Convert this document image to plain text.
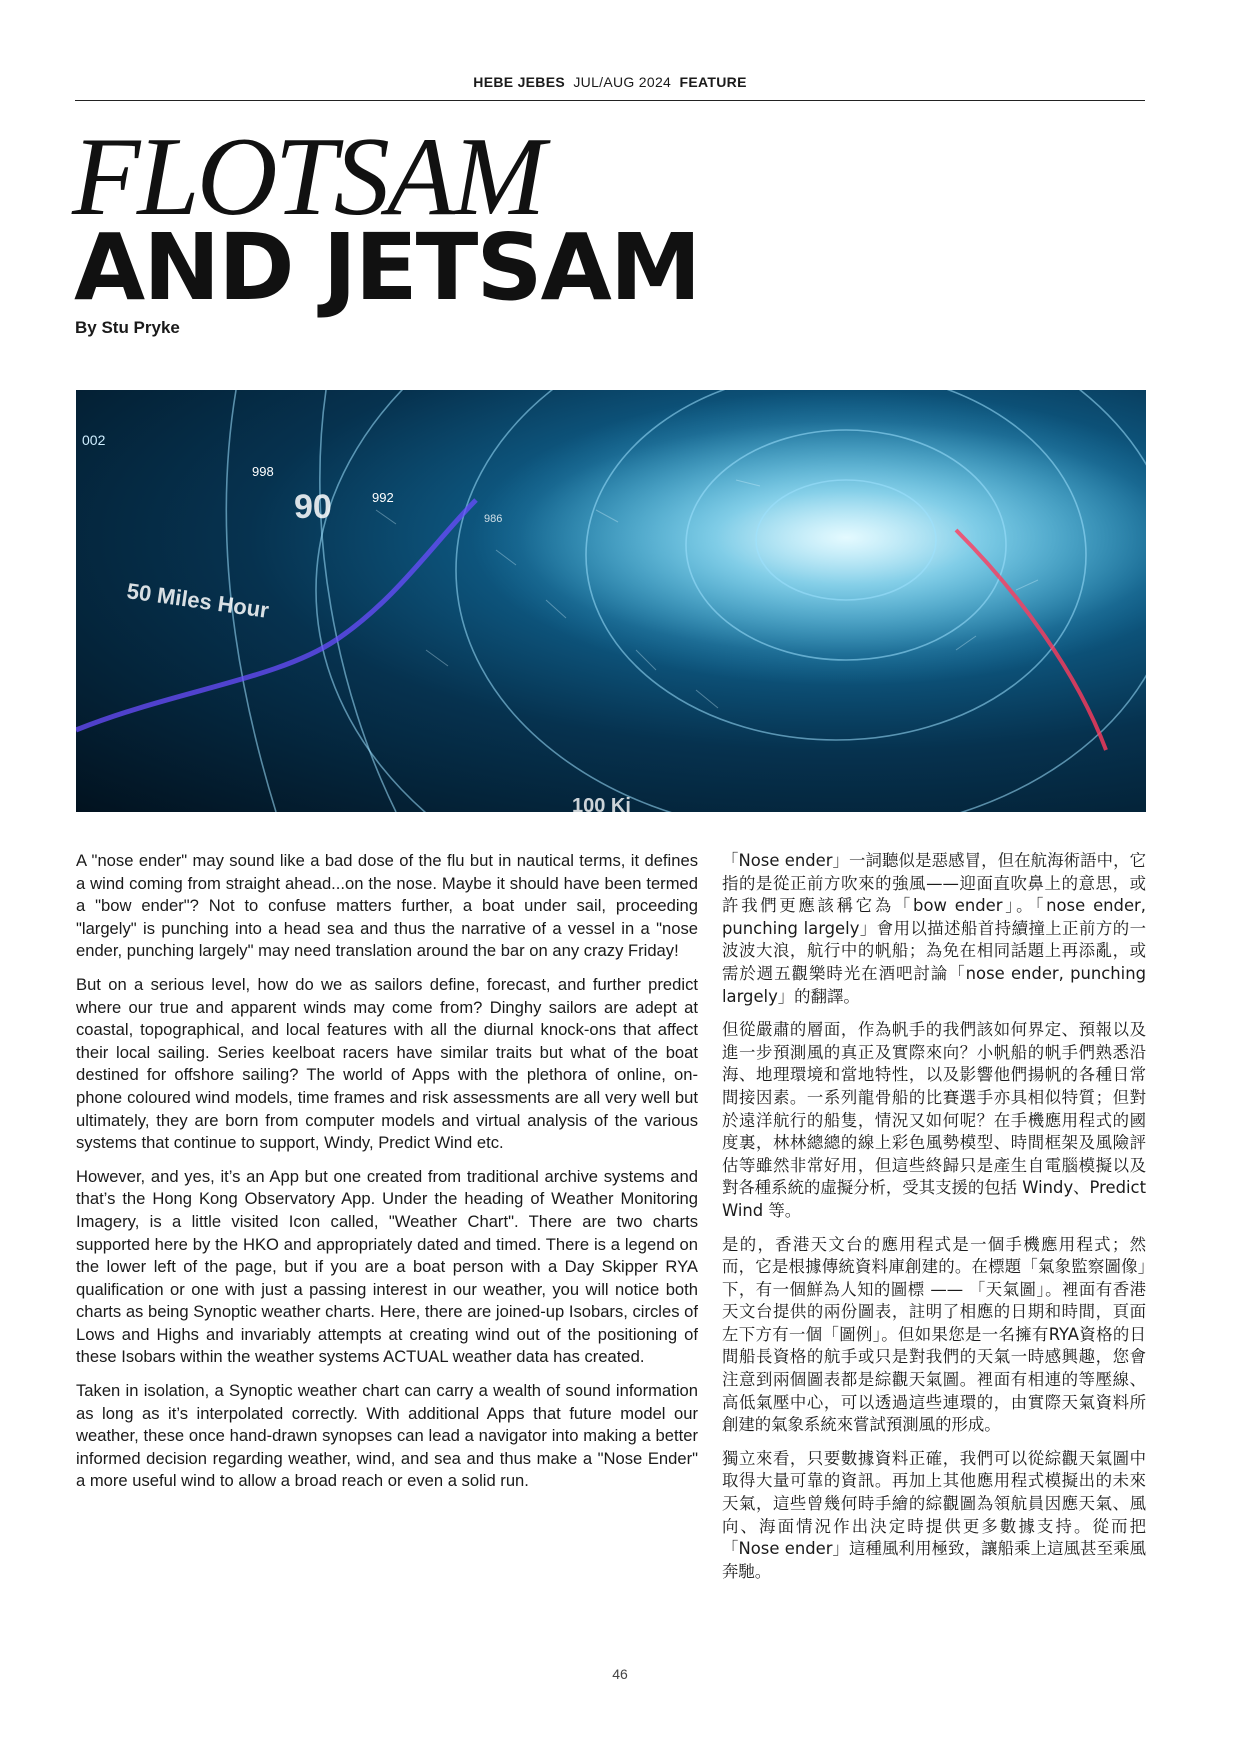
HEBE JEBES JUL/AUG 2024 FEATURE
FLOTSAM
AND JETSAM
By Stu Pryke
002
998
90	992
986
50 Miles Hour
100 Ki

A "nose ender" may sound like a bad dose of the flu but in nautical terms, it defines a wind coming from straight ahead...on the nose. Maybe it should have been termed a "bow ender"? Not to confuse matters further, a boat under sail, proceeding "largely" is punching into a head sea and thus the narrative of a vessel in a "nose ender, punching largely" may need translation around the bar on any crazy Friday!

But on a serious level, how do we as sailors define, forecast, and further predict where our true and apparent winds may come from? Dinghy sailors are adept at coastal, topographical, and local features with all the diurnal knock-ons that affect their local sailing. Series keelboat racers have similar traits but what of the boat destined for offshore sailing? The world of Apps with the plethora of online, on-phone coloured wind models, time frames and risk assessments are all very well but ultimately, they are born from computer models and virtual analysis of the various systems that continue to support, Windy, Predict Wind etc.

However, and yes, it’s an App but one created from traditional archive systems and that’s the Hong Kong Observatory App. Under the heading of Weather Monitoring Imagery, is a little visited Icon called, "Weather Chart". There are two charts supported here by the HKO and appropriately dated and timed. There is a legend on the lower left of the page, but if you are a boat person with a Day Skipper RYA qualification or one with just a passing interest in our weather, you will notice both charts as being Synoptic weather charts. Here, there are joined-up Isobars, circles of Lows and Highs and invariably attempts at creating wind out of the positioning of these Isobars within the weather systems ACTUAL weather data has created.

Taken in isolation, a Synoptic weather chart can carry a wealth of sound information as long as it’s interpolated correctly. With additional Apps that future model our weather, these once hand-drawn synopses can lead a navigator into making a better informed decision regarding weather, wind, and sea and thus make a "Nose Ender" a more useful wind to allow a broad reach or even a solid run.

「Nose ender」一詞聽似是惡感冒，但在航海術語中，它指的是從正前方吹來的強風——迎面直吹鼻上的意思，或許我們更應該稱它為「bow ender」。「nose ender, punching largely」會用以描述船首持續撞上正前方的一波波大浪，航行中的帆船；為免在相同話題上再添亂，或需於週五觀樂時光在酒吧討論「nose ender, punching largely」的翻譯。

但從嚴肅的層面，作為帆手的我們該如何界定、預報以及進一步預測風的真正及實際來向？小帆船的帆手們熟悉沿海、地理環境和當地特性，以及影響他們揚帆的各種日常間接因素。一系列龍骨船的比賽選手亦具相似特質；但對於遠洋航行的船隻，情況又如何呢？在手機應用程式的國度裏，林林總總的線上彩色風勢模型、時間框架及風險評估等雖然非常好用，但這些終歸只是產生自電腦模擬以及對各種系統的虛擬分析，受其支援的包括 Windy、Predict Wind 等。

是的，香港天文台的應用程式是一個手機應用程式；然而，它是根據傳統資料庫創建的。在標題「氣象監察圖像」下，有一個鮮為人知的圖標 —— 「天氣圖」。裡面有香港天文台提供的兩份圖表，註明了相應的日期和時間，頁面左下方有一個「圖例」。但如果您是一名擁有RYA資格的日間船長資格的航手或只是對我們的天氣一時感興趣，您會注意到兩個圖表都是綜觀天氣圖。裡面有相連的等壓線、高低氣壓中心，可以透過這些連環的，由實際天氣資料所創建的氣象系統來嘗試預測風的形成。

獨立來看，只要數據資料正確，我們可以從綜觀天氣圖中取得大量可靠的資訊。再加上其他應用程式模擬出的未來天氣，這些曾幾何時手繪的綜觀圖為領航員因應天氣、風向、海面情況作出決定時提供更多數據支持。從而把「Nose ender」這種風利用極致，讓船乘上這風甚至乘風奔馳。

46
